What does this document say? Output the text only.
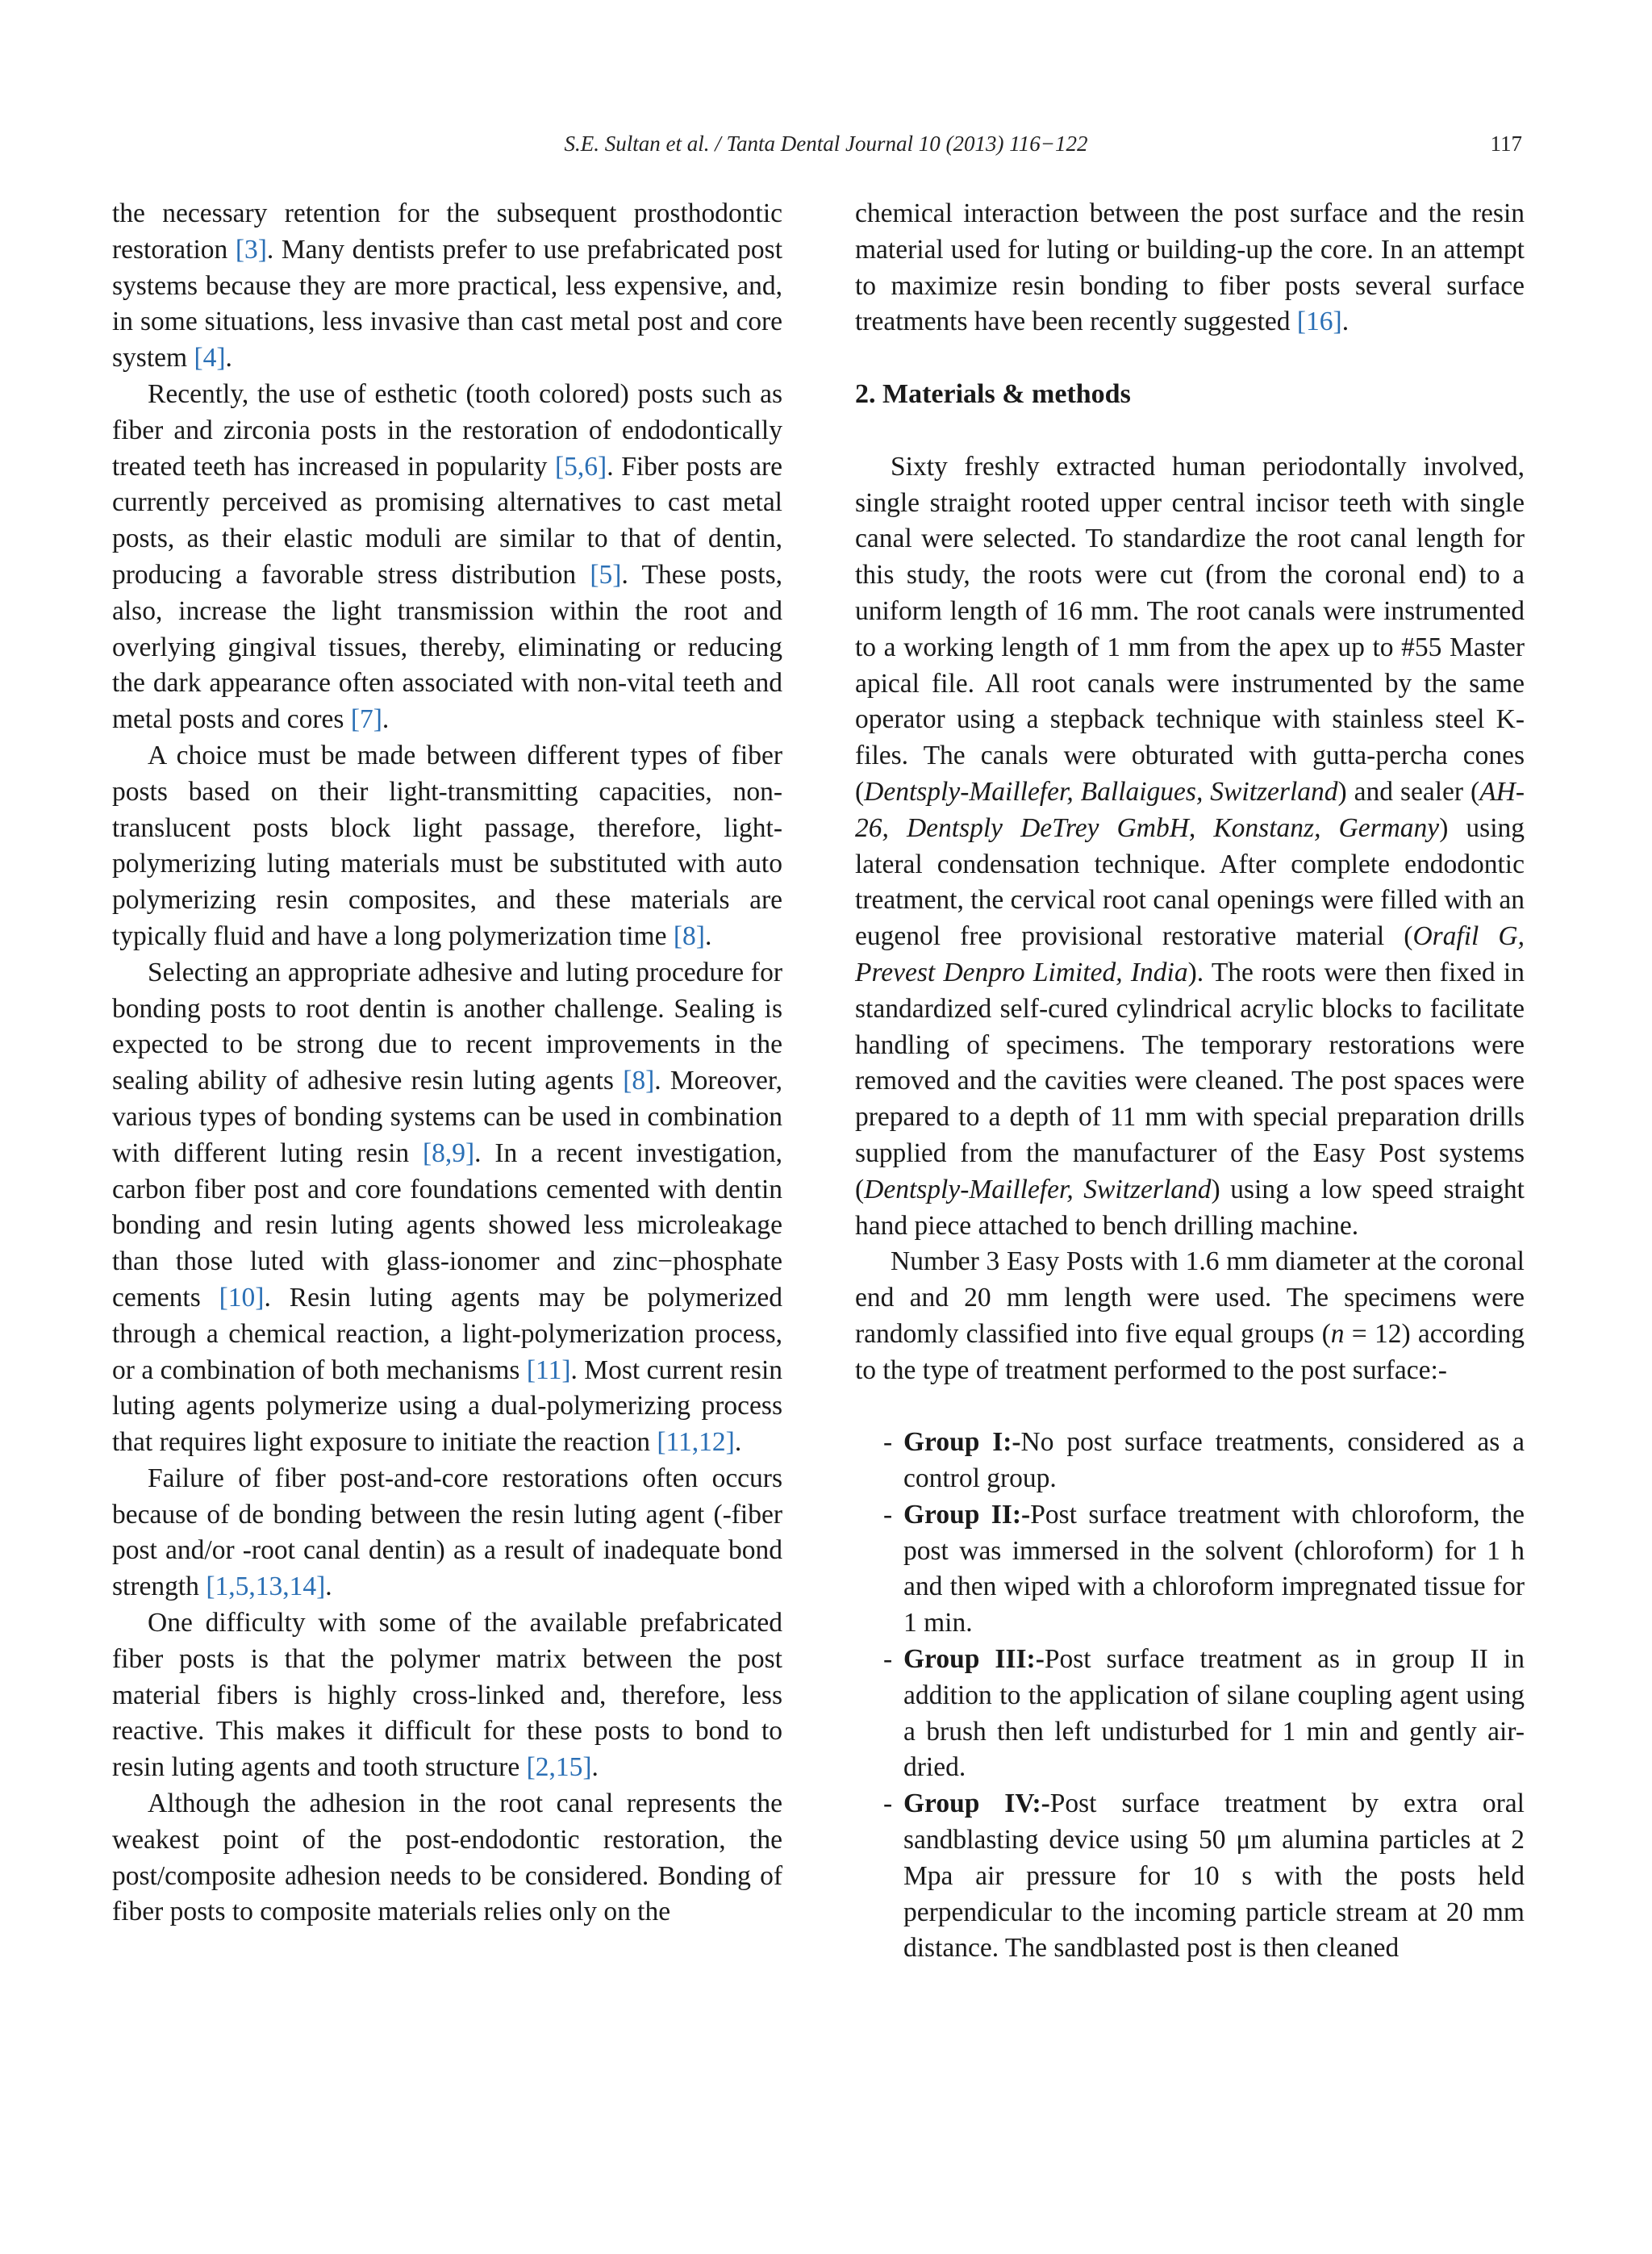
S.E. Sultan et al. / Tanta Dental Journal 10 (2013) 116−122	117

the necessary retention for the subsequent prosthodontic restoration [3]. Many dentists prefer to use prefabricated post systems because they are more practical, less expensive, and, in some situations, less invasive than cast metal post and core system [4].

Recently, the use of esthetic (tooth colored) posts such as fiber and zirconia posts in the restoration of endodontically treated teeth has increased in popularity [5,6]. Fiber posts are currently perceived as promising alternatives to cast metal posts, as their elastic moduli are similar to that of dentin, producing a favorable stress distribution [5]. These posts, also, increase the light transmission within the root and overlying gingival tissues, thereby, eliminating or reducing the dark appearance often associated with non-vital teeth and metal posts and cores [7].

A choice must be made between different types of fiber posts based on their light-transmitting capacities, non-translucent posts block light passage, therefore, light-polymerizing luting materials must be substituted with auto polymerizing resin composites, and these materials are typically fluid and have a long polymerization time [8].

Selecting an appropriate adhesive and luting procedure for bonding posts to root dentin is another challenge. Sealing is expected to be strong due to recent improvements in the sealing ability of adhesive resin luting agents [8]. Moreover, various types of bonding systems can be used in combination with different luting resin [8,9]. In a recent investigation, carbon fiber post and core foundations cemented with dentin bonding and resin luting agents showed less microleakage than those luted with glass-ionomer and zinc−phosphate cements [10]. Resin luting agents may be polymerized through a chemical reaction, a light-polymerization process, or a combination of both mechanisms [11]. Most current resin luting agents polymerize using a dual-polymerizing process that requires light exposure to initiate the reaction [11,12].

Failure of fiber post-and-core restorations often occurs because of de bonding between the resin luting agent (-fiber post and/or -root canal dentin) as a result of inadequate bond strength [1,5,13,14].

One difficulty with some of the available prefabricated fiber posts is that the polymer matrix between the post material fibers is highly cross-linked and, therefore, less reactive. This makes it difficult for these posts to bond to resin luting agents and tooth structure [2,15].

Although the adhesion in the root canal represents the weakest point of the post-endodontic restoration, the post/composite adhesion needs to be considered. Bonding of fiber posts to composite materials relies only on the

chemical interaction between the post surface and the resin material used for luting or building-up the core. In an attempt to maximize resin bonding to fiber posts several surface treatments have been recently suggested [16].

2. Materials & methods

Sixty freshly extracted human periodontally involved, single straight rooted upper central incisor teeth with single canal were selected. To standardize the root canal length for this study, the roots were cut (from the coronal end) to a uniform length of 16 mm. The root canals were instrumented to a working length of 1 mm from the apex up to #55 Master apical file. All root canals were instrumented by the same operator using a stepback technique with stainless steel K-files. The canals were obturated with gutta-percha cones (Dentsply-Maillefer, Ballaigues, Switzerland) and sealer (AH-26, Dentsply DeTrey GmbH, Konstanz, Germany) using lateral condensation technique. After complete endodontic treatment, the cervical root canal openings were filled with an eugenol free provisional restorative material (Orafil G, Prevest Denpro Limited, India). The roots were then fixed in standardized self-cured cylindrical acrylic blocks to facilitate handling of specimens. The temporary restorations were removed and the cavities were cleaned. The post spaces were prepared to a depth of 11 mm with special preparation drills supplied from the manufacturer of the Easy Post systems (Dentsply-Maillefer, Switzerland) using a low speed straight hand piece attached to bench drilling machine.

Number 3 Easy Posts with 1.6 mm diameter at the coronal end and 20 mm length were used. The specimens were randomly classified into five equal groups (n = 12) according to the type of treatment performed to the post surface:-

- Group I:-No post surface treatments, considered as a control group.
- Group II:-Post surface treatment with chloroform, the post was immersed in the solvent (chloroform) for 1 h and then wiped with a chloroform impregnated tissue for 1 min.
- Group III:-Post surface treatment as in group II in addition to the application of silane coupling agent using a brush then left undisturbed for 1 min and gently air-dried.
- Group IV:-Post surface treatment by extra oral sandblasting device using 50 μm alumina particles at 2 Mpa air pressure for 10 s with the posts held perpendicular to the incoming particle stream at 20 mm distance. The sandblasted post is then cleaned
